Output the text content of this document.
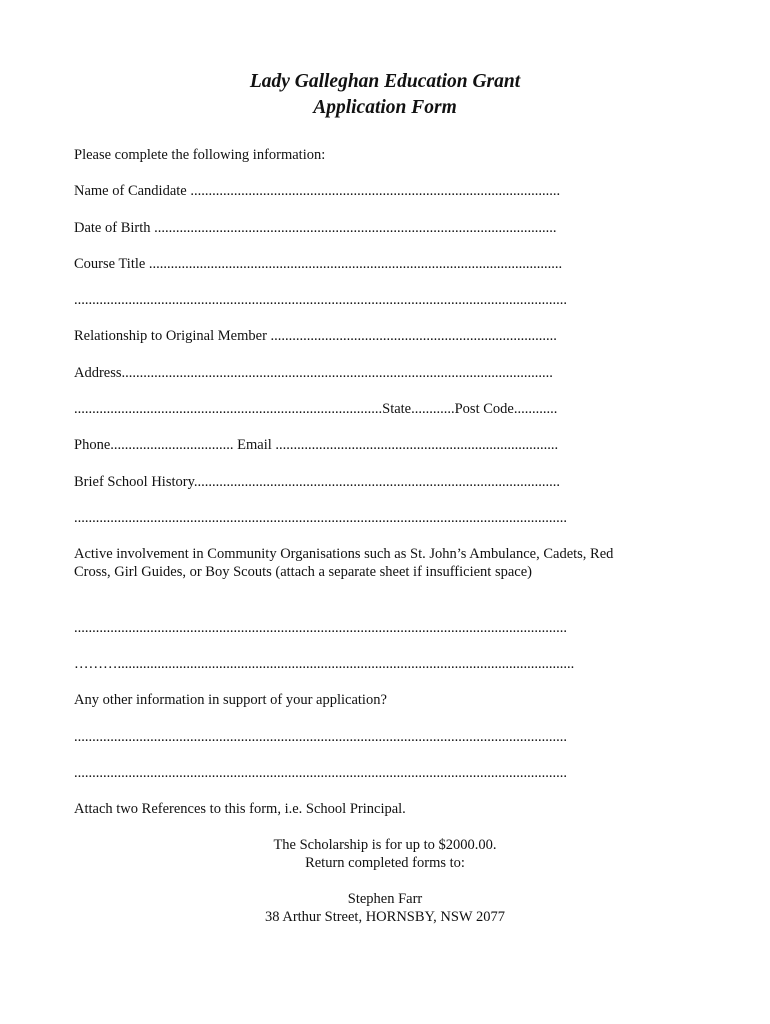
Lady Galleghan Education Grant
Application Form
Please complete the following information:
Name of Candidate ......................................................................................................
Date of Birth ...............................................................................................................
Course Title ..................................................................................................................
........................................................................................................................................
Relationship to Original Member ...............................................................................
Address.......................................................................................................................
.....................................................................................State............Post Code............
Phone.................................. Email ..............................................................................
Brief School History.....................................................................................................
........................................................................................................................................
Active involvement in Community Organisations such as St. John’s Ambulance, Cadets, Red Cross, Girl Guides, or Boy Scouts (attach a separate sheet if insufficient space)
........................................................................................................................................
………..............................................................................................................................
Any other information in support of your application?
........................................................................................................................................
........................................................................................................................................
Attach two References to this form, i.e. School Principal.
The Scholarship is for up to $2000.00.
Return completed forms to:
Stephen Farr
38 Arthur Street, HORNSBY, NSW 2077
